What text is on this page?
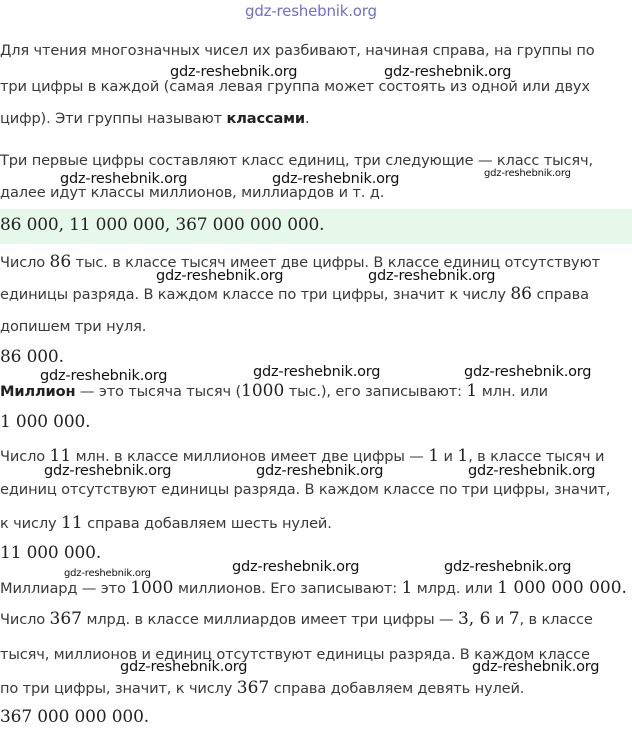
Для чтения многозначных чисел их разбивают, начиная справа, на группы по

три цифры в каждой (самая левая группа может состоять из одной или двух

цифр). Эти группы называют классами.

Три первые цифры составляют класс единиц, три следующие — класс тысяч,

далее идут классы миллионов, миллиардов и т. д.

86 000, 11 000 000, 367 000 000 000.

Число 86 тыс. в классе тысяч имеет две цифры. В классе единиц отсутствуют

единицы разряда. В каждом классе по три цифры, значит к числу 86 справа

допишем три нуля.

86 000.

Миллион — это тысяча тысяч (1000 тыс.), его записывают: 1 млн. или

1 000 000.

Число 11 млн. в классе миллионов имеет две цифры — 1 и 1, в классе тысяч и

единиц отсутствуют единицы разряда. В каждом классе по три цифры, значит,

к числу 11 справа добавляем шесть нулей.

11 000 000.

Миллиард — это 1000 миллионов. Его записывают: 1 млрд. или 1 000 000 000.

Число 367 млрд. в классе миллиардов имеет три цифры — 3, 6 и 7, в классе

тысяч, миллионов и единиц отсутствуют единицы разряда. В каждом классе

по три цифры, значит, к числу 367 справа добавляем девять нулей.

367 000 000 000.

gdz-reshebnik.org
gdz-reshebnik.org	gdz-reshebnik.org
gdz-reshebnik.org	gdz-reshebnik.org	gdz-reshebnik.org
gdz-reshebnik.org	gdz-reshebnik.org
gdz-reshebnik.org	gdz-reshebnik.org
gdz-reshebnik.org
gdz-reshebnik.org	gdz-reshebnik.org	gdz-reshebnik.org
gdz-reshebnik.org	gdz-reshebnik.org	gdz-reshebnik.org
gdz-reshebnik.org	gdz-reshebnik.org
